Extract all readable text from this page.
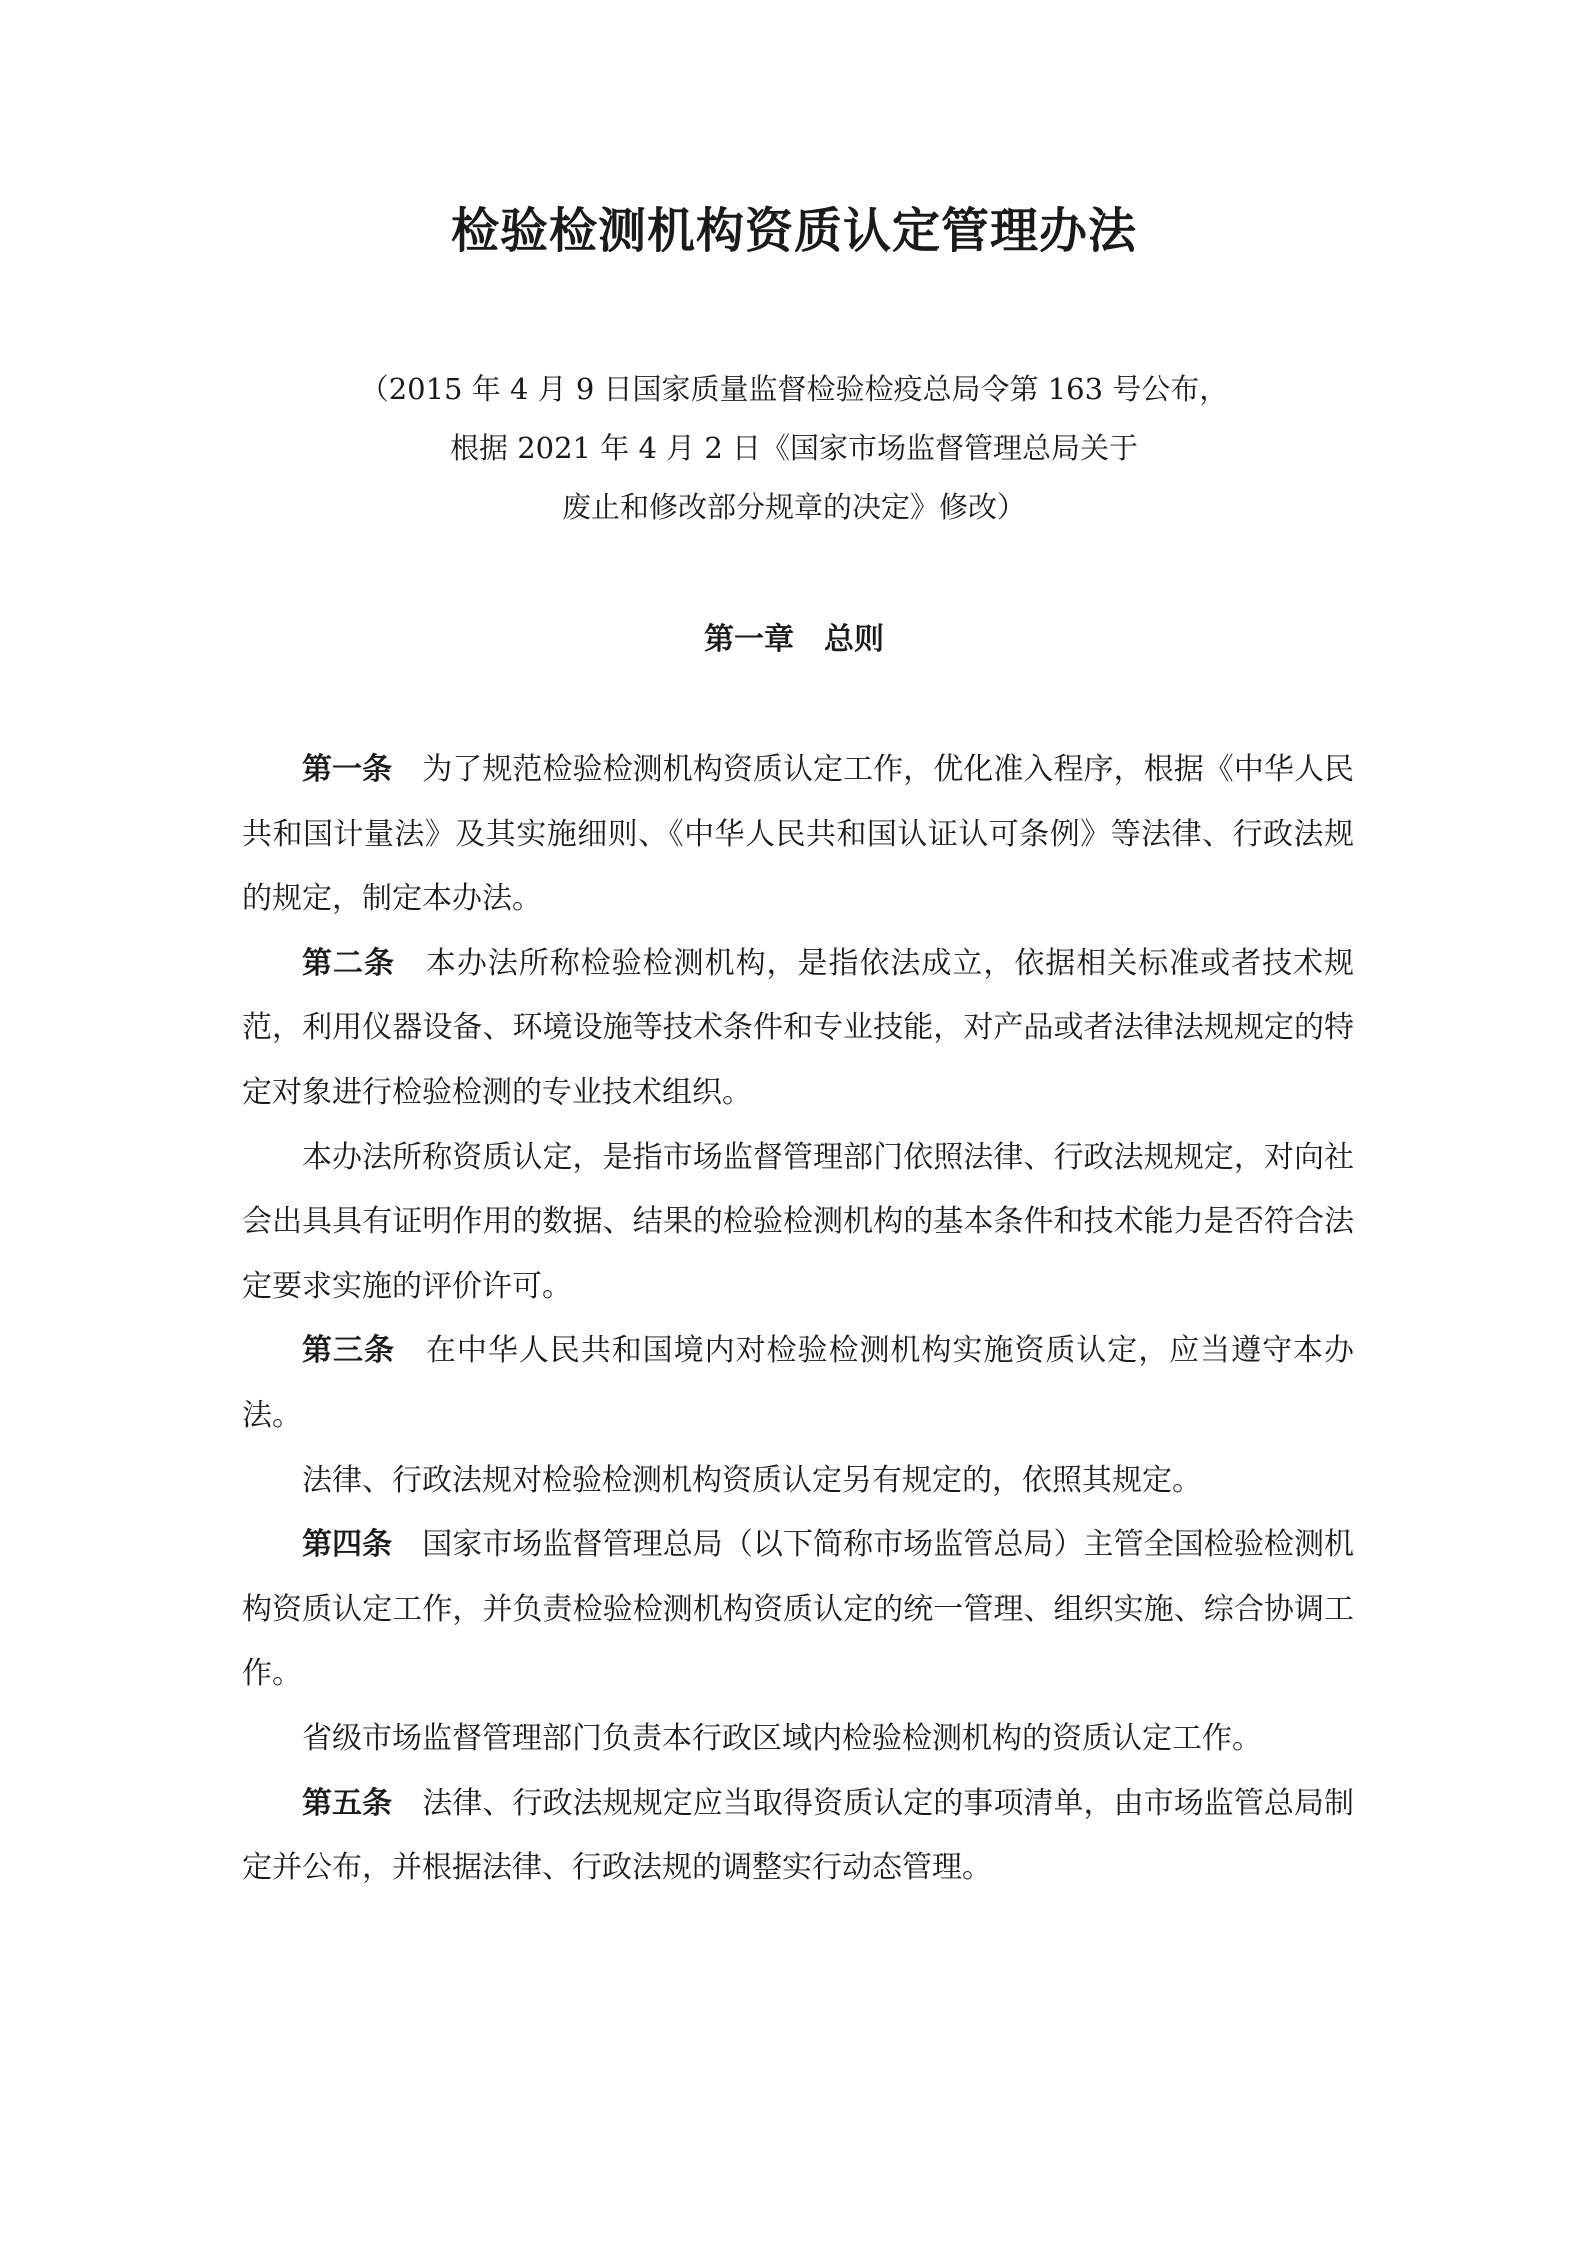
检验检测机构资质认定管理办法
（2015 年 4 月 9 日国家质量监督检验检疫总局令第 163 号公布，
根据 2021 年 4 月 2 日《国家市场监督管理总局关于
废止和修改部分规章的决定》修改）
第一章　总则

第一条　为了规范检验检测机构资质认定工作，优化准入程序，根据《中华人民共和国计量法》及其实施细则、《中华人民共和国认证认可条例》等法律、行政法规的规定，制定本办法。

第二条　本办法所称检验检测机构，是指依法成立，依据相关标准或者技术规范，利用仪器设备、环境设施等技术条件和专业技能，对产品或者法律法规规定的特定对象进行检验检测的专业技术组织。

本办法所称资质认定，是指市场监督管理部门依照法律、行政法规规定，对向社会出具具有证明作用的数据、结果的检验检测机构的基本条件和技术能力是否符合法定要求实施的评价许可。

第三条　在中华人民共和国境内对检验检测机构实施资质认定，应当遵守本办法。

法律、行政法规对检验检测机构资质认定另有规定的，依照其规定。

第四条　国家市场监督管理总局（以下简称市场监管总局）主管全国检验检测机构资质认定工作，并负责检验检测机构资质认定的统一管理、组织实施、综合协调工作。

省级市场监督管理部门负责本行政区域内检验检测机构的资质认定工作。

第五条　法律、行政法规规定应当取得资质认定的事项清单，由市场监管总局制定并公布，并根据法律、行政法规的调整实行动态管理。
